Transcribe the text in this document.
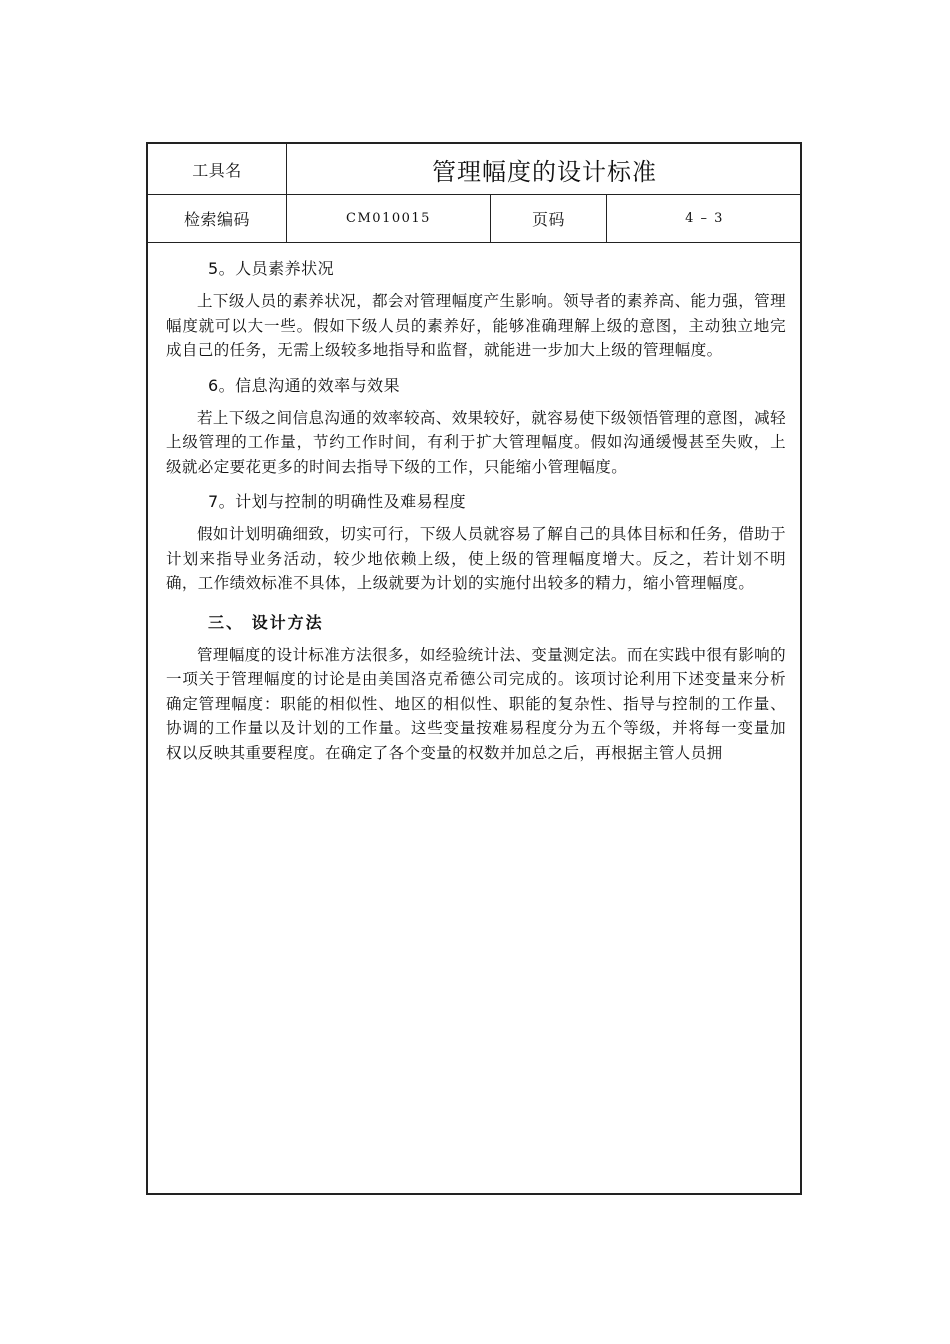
工具名	管理幅度的设计标准
检索编码	CM010015	页码	4 – 3
5。人员素养状况

上下级人员的素养状况，都会对管理幅度产生影响。领导者的素养高、能力强，管理幅度就可以大一些。假如下级人员的素养好，能够准确理解上级的意图，主动独立地完成自己的任务，无需上级较多地指导和监督，就能进一步加大上级的管理幅度。

6。信息沟通的效率与效果

若上下级之间信息沟通的效率较高、效果较好，就容易使下级领悟管理的意图，减轻上级管理的工作量，节约工作时间，有利于扩大管理幅度。假如沟通缓慢甚至失败，上级就必定要花更多的时间去指导下级的工作，只能缩小管理幅度。

7。计划与控制的明确性及难易程度

假如计划明确细致，切实可行，下级人员就容易了解自己的具体目标和任务，借助于计划来指导业务活动，较少地依赖上级，使上级的管理幅度增大。反之，若计划不明确，工作绩效标准不具体，上级就要为计划的实施付出较多的精力，缩小管理幅度。

三、 设计方法

管理幅度的设计标准方法很多，如经验统计法、变量测定法。而在实践中很有影响的一项关于管理幅度的讨论是由美国洛克希德公司完成的。该项讨论利用下述变量来分析确定管理幅度：职能的相似性、地区的相似性、职能的复杂性、指导与控制的工作量、协调的工作量以及计划的工作量。这些变量按难易程度分为五个等级，并将每一变量加权以反映其重要程度。在确定了各个变量的权数并加总之后，再根据主管人员拥
